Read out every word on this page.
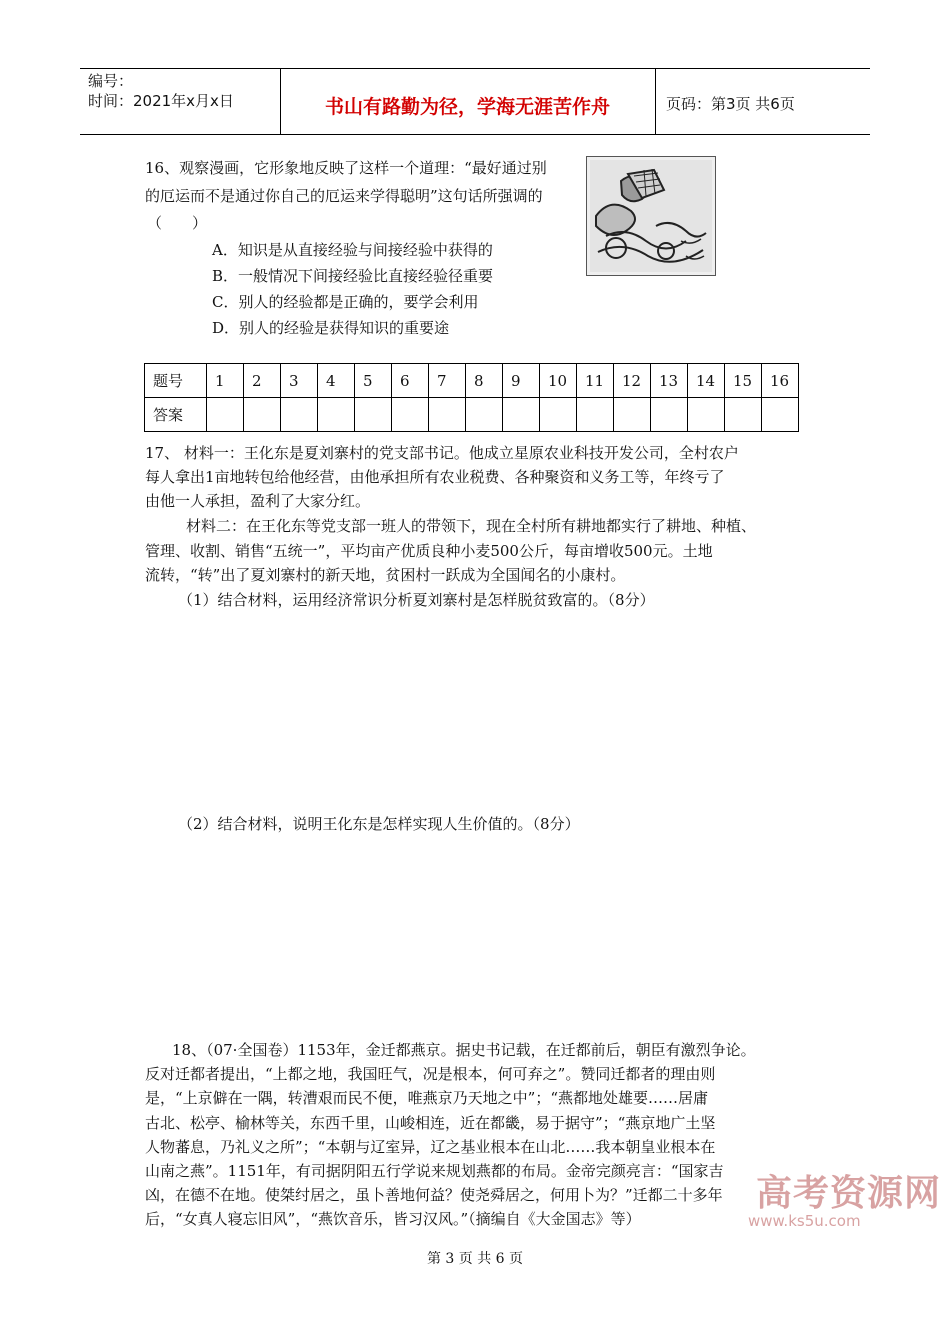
编号：
时间：2021年x月x日	书山有路勤为径，学海无涯苦作舟	页码：第3页 共6页
16、观察漫画，它形象地反映了这样一个道理：“最好通过别
的厄运而不是通过你自己的厄运来学得聪明”这句话所强调的
（　　）
A．知识是从直接经验与间接经验中获得的
B．一般情况下间接经验比直接经验径重要
C．别人的经验都是正确的，要学会利用
D．别人的经验是获得知识的重要途
题号	1	2	3	4	5	6	7	8	9	10	11	12	13	14	15	16
答案																
17、 材料一：王化东是夏刘寨村的党支部书记。他成立星原农业科技开发公司，全村农户
每人拿出1亩地转包给他经营，由他承担所有农业税费、各种聚资和义务工等，年终亏了
由他一人承担，盈利了大家分红。
材料二：在王化东等党支部一班人的带领下，现在全村所有耕地都实行了耕地、种植、
管理、收割、销售“五统一”，平均亩产优质良种小麦500公斤，每亩增收500元。土地
流转，“转”出了夏刘寨村的新天地，贫困村一跃成为全国闻名的小康村。
（1）结合材料，运用经济常识分析夏刘寨村是怎样脱贫致富的。（8分）
（2）结合材料，说明王化东是怎样实现人生价值的。（8分）
18、（07·全国卷）1153年，金迁都燕京。据史书记载，在迁都前后，朝臣有激烈争论。
反对迁都者提出，“上都之地，我国旺气，况是根本，何可弃之”。赞同迁都者的理由则
是，“上京僻在一隅，转漕艰而民不便，唯燕京乃天地之中”；“燕都地处雄要……居庸
古北、松亭、榆林等关，东西千里，山峻相连，近在都畿，易于据守”；“燕京地广土坚
人物蕃息，乃礼义之所”；“本朝与辽室异，辽之基业根本在山北……我本朝皇业根本在
山南之燕”。1151年，有司据阴阳五行学说来规划燕都的布局。金帝完颜亮言：“国家吉
凶，在德不在地。使桀纣居之，虽卜善地何益？使尧舜居之，何用卜为？”迁都二十多年
后，“女真人寝忘旧风”，“燕饮音乐，皆习汉风。”（摘编自《大金国志》等）
高考资源网
www.ks5u.com
第 3 页 共 6 页
